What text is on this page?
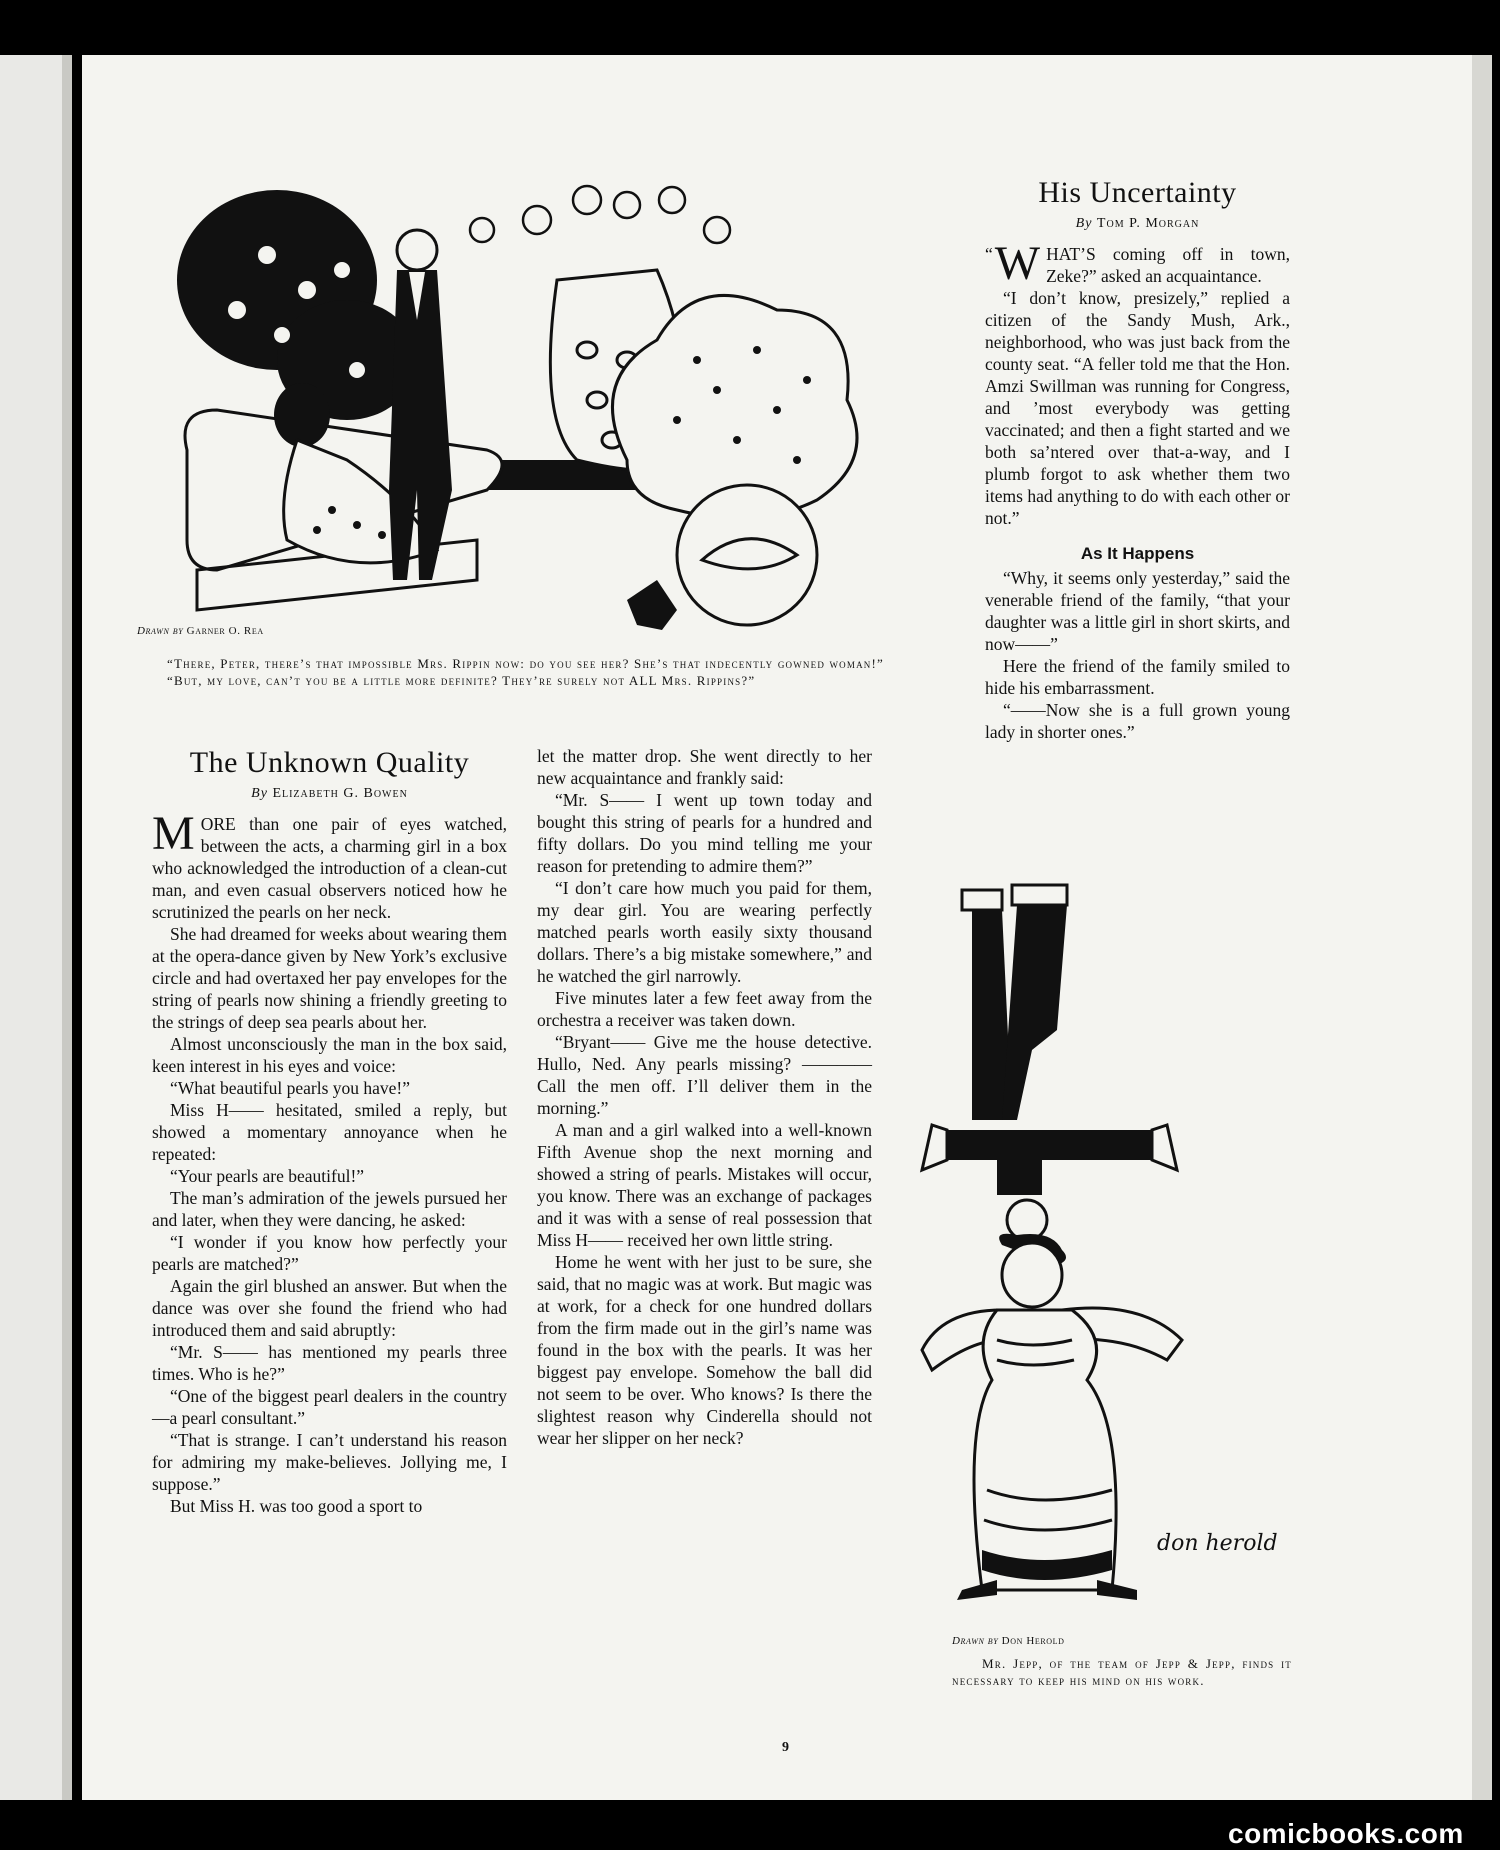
Drawn by Garner O. Rea
“There, Peter, there’s that impossible Mrs. Rippin now: do you see her? She’s that indecently gowned woman!”
“But, my love, can’t you be a little more definite? They’re surely not ALL Mrs. Rippins?”
His Uncertainty
By Tom P. Morgan

“ W HAT’S coming off in town, Zeke?” asked an acquaintance.

“I don’t know, presizely,” replied a citizen of the Sandy Mush, Ark., neighborhood, who was just back from the county seat. “A feller told me that the Hon. Amzi Swillman was running for Congress, and ’most everybody was getting vaccinated; and then a fight started and we both sa’ntered over that-a-way, and I plumb forgot to ask whether them two items had anything to do with each other or not.”

As It Happens

“Why, it seems only yesterday,” said the venerable friend of the family, “that your daughter was a little girl in short skirts, and now——”

Here the friend of the family smiled to hide his embarrassment.

“——Now she is a full grown young lady in shorter ones.”

The Unknown Quality
By Elizabeth G. Bowen

MORE than one pair of eyes watched, between the acts, a charming girl in a box who acknowledged the introduction of a clean-cut man, and even casual observers noticed how he scrutinized the pearls on her neck.

She had dreamed for weeks about wearing them at the opera-dance given by New York’s exclusive circle and had overtaxed her pay envelopes for the string of pearls now shining a friendly greeting to the strings of deep sea pearls about her.

Almost unconsciously the man in the box said, keen interest in his eyes and voice:

“What beautiful pearls you have!”

Miss H—— hesitated, smiled a reply, but showed a momentary annoyance when he repeated:

“Your pearls are beautiful!”

The man’s admiration of the jewels pursued her and later, when they were dancing, he asked:

“I wonder if you know how perfectly your pearls are matched?”

Again the girl blushed an answer. But when the dance was over she found the friend who had introduced them and said abruptly:

“Mr. S—— has mentioned my pearls three times. Who is he?”

“One of the biggest pearl dealers in the country—a pearl consultant.”

“That is strange. I can’t understand his reason for admiring my make-believes. Jollying me, I suppose.”

But Miss H. was too good a sport to

let the matter drop. She went directly to her new acquaintance and frankly said:

“Mr. S—— I went up town today and bought this string of pearls for a hundred and fifty dollars. Do you mind telling me your reason for pretending to admire them?”

“I don’t care how much you paid for them, my dear girl. You are wearing perfectly matched pearls worth easily sixty thousand dollars. There’s a big mistake somewhere,” and he watched the girl narrowly.

Five minutes later a few feet away from the orchestra a receiver was taken down.

“Bryant—— Give me the house detective. Hullo, Ned. Any pearls missing? ———— Call the men off. I’ll deliver them in the morning.”

A man and a girl walked into a well-known Fifth Avenue shop the next morning and showed a string of pearls. Mistakes will occur, you know. There was an exchange of packages and it was with a sense of real possession that Miss H—— received her own little string.

Home he went with her just to be sure, she said, that no magic was at work. But magic was at work, for a check for one hundred dollars from the firm made out in the girl’s name was found in the box with the pearls. It was her biggest pay envelope. Somehow the ball did not seem to be over. Who knows? Is there the slightest reason why Cinderella should not wear her slipper on her neck?

don herold
Drawn by Don Herold
Mr. Jepp, of the team of Jepp & Jepp, finds it necessary to keep his mind on his work.
9
comicbooks.com
